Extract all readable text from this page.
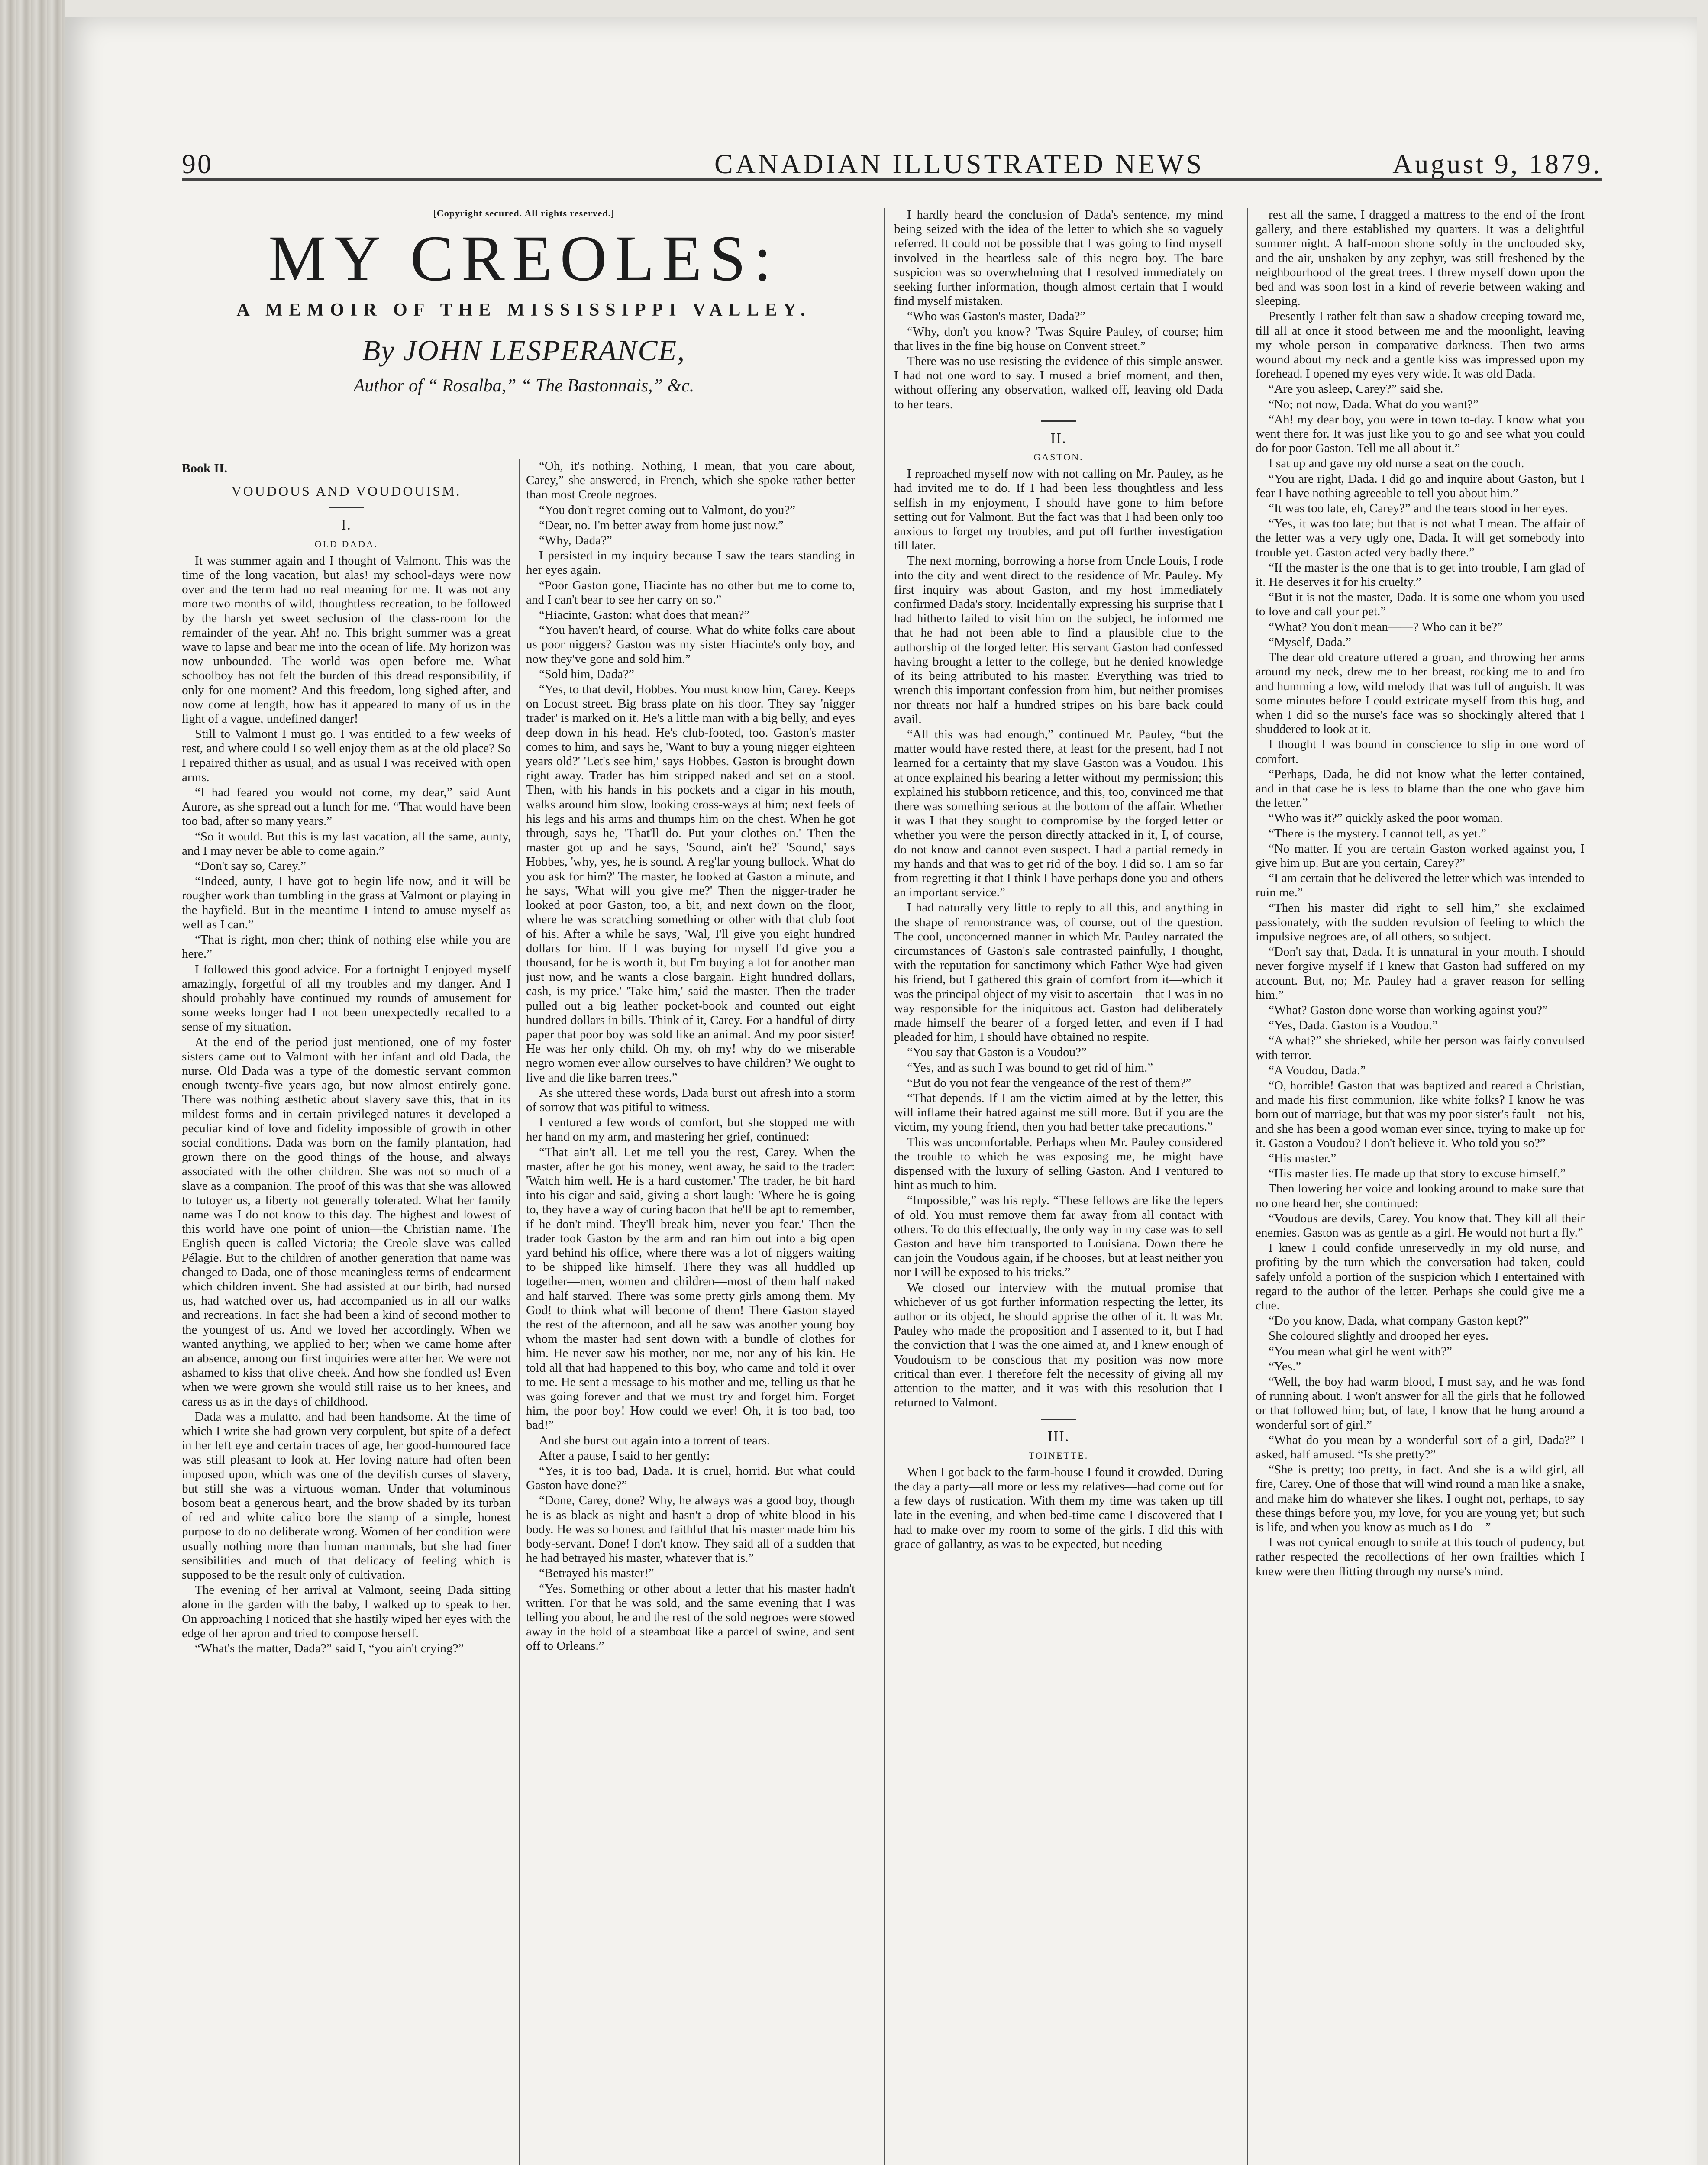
90	CANADIAN ILLUSTRATED NEWS	August 9, 1879.
[Copyright secured. All rights reserved.]
MY CREOLES:
A MEMOIR OF THE MISSISSIPPI VALLEY.
By JOHN LESPERANCE,
Author of “ Rosalba,” “ The Bastonnais,” &c.

Book II.

VOUDOUS AND VOUDOUISM.

I.

OLD DADA.

It was summer again and I thought of Valmont. This was the time of the long vacation, but alas! my school-days were now over and the term had no real meaning for me. It was not any more two months of wild, thoughtless recreation, to be followed by the harsh yet sweet seclusion of the class-room for the remainder of the year. Ah! no. This bright summer was a great wave to lapse and bear me into the ocean of life. My horizon was now unbounded. The world was open before me. What schoolboy has not felt the burden of this dread responsibility, if only for one moment? And this freedom, long sighed after, and now come at length, how has it appeared to many of us in the light of a vague, undefined danger!

Still to Valmont I must go. I was entitled to a few weeks of rest, and where could I so well enjoy them as at the old place? So I repaired thither as usual, and as usual I was received with open arms.

“I had feared you would not come, my dear,” said Aunt Aurore, as she spread out a lunch for me. “That would have been too bad, after so many years.”

“So it would. But this is my last vacation, all the same, aunty, and I may never be able to come again.”

“Don't say so, Carey.”

“Indeed, aunty, I have got to begin life now, and it will be rougher work than tumbling in the grass at Valmont or playing in the hayfield. But in the meantime I intend to amuse myself as well as I can.”

“That is right, mon cher; think of nothing else while you are here.”

I followed this good advice. For a fortnight I enjoyed myself amazingly, forgetful of all my troubles and my danger. And I should probably have continued my rounds of amusement for some weeks longer had I not been unexpectedly recalled to a sense of my situation.

At the end of the period just mentioned, one of my foster sisters came out to Valmont with her infant and old Dada, the nurse. Old Dada was a type of the domestic servant common enough twenty-five years ago, but now almost entirely gone. There was nothing æsthetic about slavery save this, that in its mildest forms and in certain privileged natures it developed a peculiar kind of love and fidelity impossible of growth in other social conditions. Dada was born on the family plantation, had grown there on the good things of the house, and always associated with the other children. She was not so much of a slave as a companion. The proof of this was that she was allowed to tutoyer us, a liberty not generally tolerated. What her family name was I do not know to this day. The highest and lowest of this world have one point of union—the Christian name. The English queen is called Victoria; the Creole slave was called Pélagie. But to the children of another generation that name was changed to Dada, one of those meaningless terms of endearment which children invent. She had assisted at our birth, had nursed us, had watched over us, had accompanied us in all our walks and recreations. In fact she had been a kind of second mother to the youngest of us. And we loved her accordingly. When we wanted anything, we applied to her; when we came home after an absence, among our first inquiries were after her. We were not ashamed to kiss that olive cheek. And how she fondled us! Even when we were grown she would still raise us to her knees, and caress us as in the days of childhood.

Dada was a mulatto, and had been handsome. At the time of which I write she had grown very corpulent, but spite of a defect in her left eye and certain traces of age, her good-humoured face was still pleasant to look at. Her loving nature had often been imposed upon, which was one of the devilish curses of slavery, but still she was a virtuous woman. Under that voluminous bosom beat a generous heart, and the brow shaded by its turban of red and white calico bore the stamp of a simple, honest purpose to do no deliberate wrong. Women of her condition were usually nothing more than human mammals, but she had finer sensibilities and much of that delicacy of feeling which is supposed to be the result only of cultivation.

The evening of her arrival at Valmont, seeing Dada sitting alone in the garden with the baby, I walked up to speak to her. On approaching I noticed that she hastily wiped her eyes with the edge of her apron and tried to compose herself.

“What's the matter, Dada?” said I, “you ain't crying?”

“Oh, it's nothing. Nothing, I mean, that you care about, Carey,” she answered, in French, which she spoke rather better than most Creole negroes.

“You don't regret coming out to Valmont, do you?”

“Dear, no. I'm better away from home just now.”

“Why, Dada?”

I persisted in my inquiry because I saw the tears standing in her eyes again.

“Poor Gaston gone, Hiacinte has no other but me to come to, and I can't bear to see her carry on so.”

“Hiacinte, Gaston: what does that mean?”

“You haven't heard, of course. What do white folks care about us poor niggers? Gaston was my sister Hiacinte's only boy, and now they've gone and sold him.”

“Sold him, Dada?”

“Yes, to that devil, Hobbes. You must know him, Carey. Keeps on Locust street. Big brass plate on his door. They say 'nigger trader' is marked on it. He's a little man with a big belly, and eyes deep down in his head. He's club-footed, too. Gaston's master comes to him, and says he, 'Want to buy a young nigger eighteen years old?' 'Let's see him,' says Hobbes. Gaston is brought down right away. Trader has him stripped naked and set on a stool. Then, with his hands in his pockets and a cigar in his mouth, walks around him slow, looking cross-ways at him; next feels of his legs and his arms and thumps him on the chest. When he got through, says he, 'That'll do. Put your clothes on.' Then the master got up and he says, 'Sound, ain't he?' 'Sound,' says Hobbes, 'why, yes, he is sound. A reg'lar young bullock. What do you ask for him?' The master, he looked at Gaston a minute, and he says, 'What will you give me?' Then the nigger-trader he looked at poor Gaston, too, a bit, and next down on the floor, where he was scratching something or other with that club foot of his. After a while he says, 'Wal, I'll give you eight hundred dollars for him. If I was buying for myself I'd give you a thousand, for he is worth it, but I'm buying a lot for another man just now, and he wants a close bargain. Eight hundred dollars, cash, is my price.' 'Take him,' said the master. Then the trader pulled out a big leather pocket-book and counted out eight hundred dollars in bills. Think of it, Carey. For a handful of dirty paper that poor boy was sold like an animal. And my poor sister! He was her only child. Oh my, oh my! why do we miserable negro women ever allow ourselves to have children? We ought to live and die like barren trees.”

As she uttered these words, Dada burst out afresh into a storm of sorrow that was pitiful to witness.

I ventured a few words of comfort, but she stopped me with her hand on my arm, and mastering her grief, continued:

“That ain't all. Let me tell you the rest, Carey. When the master, after he got his money, went away, he said to the trader: 'Watch him well. He is a hard customer.' The trader, he bit hard into his cigar and said, giving a short laugh: 'Where he is going to, they have a way of curing bacon that he'll be apt to remember, if he don't mind. They'll break him, never you fear.' Then the trader took Gaston by the arm and ran him out into a big open yard behind his office, where there was a lot of niggers waiting to be shipped like himself. There they was all huddled up together—men, women and children—most of them half naked and half starved. There was some pretty girls among them. My God! to think what will become of them! There Gaston stayed the rest of the afternoon, and all he saw was another young boy whom the master had sent down with a bundle of clothes for him. He never saw his mother, nor me, nor any of his kin. He told all that had happened to this boy, who came and told it over to me. He sent a message to his mother and me, telling us that he was going forever and that we must try and forget him. Forget him, the poor boy! How could we ever! Oh, it is too bad, too bad!”

And she burst out again into a torrent of tears.

After a pause, I said to her gently:

“Yes, it is too bad, Dada. It is cruel, horrid. But what could Gaston have done?”

“Done, Carey, done? Why, he always was a good boy, though he is as black as night and hasn't a drop of white blood in his body. He was so honest and faithful that his master made him his body-servant. Done! I don't know. They said all of a sudden that he had betrayed his master, whatever that is.”

“Betrayed his master!”

“Yes. Something or other about a letter that his master hadn't written. For that he was sold, and the same evening that I was telling you about, he and the rest of the sold negroes were stowed away in the hold of a steamboat like a parcel of swine, and sent off to Orleans.”

I hardly heard the conclusion of Dada's sentence, my mind being seized with the idea of the letter to which she so vaguely referred. It could not be possible that I was going to find myself involved in the heartless sale of this negro boy. The bare suspicion was so overwhelming that I resolved immediately on seeking further information, though almost certain that I would find myself mistaken.

“Who was Gaston's master, Dada?”

“Why, don't you know? 'Twas Squire Pauley, of course; him that lives in the fine big house on Convent street.”

There was no use resisting the evidence of this simple answer. I had not one word to say. I mused a brief moment, and then, without offering any observation, walked off, leaving old Dada to her tears.

II.

GASTON.

I reproached myself now with not calling on Mr. Pauley, as he had invited me to do. If I had been less thoughtless and less selfish in my enjoyment, I should have gone to him before setting out for Valmont. But the fact was that I had been only too anxious to forget my troubles, and put off further investigation till later.

The next morning, borrowing a horse from Uncle Louis, I rode into the city and went direct to the residence of Mr. Pauley. My first inquiry was about Gaston, and my host immediately confirmed Dada's story. Incidentally expressing his surprise that I had hitherto failed to visit him on the subject, he informed me that he had not been able to find a plausible clue to the authorship of the forged letter. His servant Gaston had confessed having brought a letter to the college, but he denied knowledge of its being attributed to his master. Everything was tried to wrench this important confession from him, but neither promises nor threats nor half a hundred stripes on his bare back could avail.

“All this was had enough,” continued Mr. Pauley, “but the matter would have rested there, at least for the present, had I not learned for a certainty that my slave Gaston was a Voudou. This at once explained his bearing a letter without my permission; this explained his stubborn reticence, and this, too, convinced me that there was something serious at the bottom of the affair. Whether it was I that they sought to compromise by the forged letter or whether you were the person directly attacked in it, I, of course, do not know and cannot even suspect. I had a partial remedy in my hands and that was to get rid of the boy. I did so. I am so far from regretting it that I think I have perhaps done you and others an important service.”

I had naturally very little to reply to all this, and anything in the shape of remonstrance was, of course, out of the question. The cool, unconcerned manner in which Mr. Pauley narrated the circumstances of Gaston's sale contrasted painfully, I thought, with the reputation for sanctimony which Father Wye had given his friend, but I gathered this grain of comfort from it—which it was the principal object of my visit to ascertain—that I was in no way responsible for the iniquitous act. Gaston had deliberately made himself the bearer of a forged letter, and even if I had pleaded for him, I should have obtained no respite.

“You say that Gaston is a Voudou?”

“Yes, and as such I was bound to get rid of him.”

“But do you not fear the vengeance of the rest of them?”

“That depends. If I am the victim aimed at by the letter, this will inflame their hatred against me still more. But if you are the victim, my young friend, then you had better take precautions.”

This was uncomfortable. Perhaps when Mr. Pauley considered the trouble to which he was exposing me, he might have dispensed with the luxury of selling Gaston. And I ventured to hint as much to him.

“Impossible,” was his reply. “These fellows are like the lepers of old. You must remove them far away from all contact with others. To do this effectually, the only way in my case was to sell Gaston and have him transported to Louisiana. Down there he can join the Voudous again, if he chooses, but at least neither you nor I will be exposed to his tricks.”

We closed our interview with the mutual promise that whichever of us got further information respecting the letter, its author or its object, he should apprise the other of it. It was Mr. Pauley who made the proposition and I assented to it, but I had the conviction that I was the one aimed at, and I knew enough of Voudouism to be conscious that my position was now more critical than ever. I therefore felt the necessity of giving all my attention to the matter, and it was with this resolution that I returned to Valmont.

III.

TOINETTE.

When I got back to the farm-house I found it crowded. During the day a party—all more or less my relatives—had come out for a few days of rustication. With them my time was taken up till late in the evening, and when bed-time came I discovered that I had to make over my room to some of the girls. I did this with grace of gallantry, as was to be expected, but needing

rest all the same, I dragged a mattress to the end of the front gallery, and there established my quarters. It was a delightful summer night. A half-moon shone softly in the unclouded sky, and the air, unshaken by any zephyr, was still freshened by the neighbourhood of the great trees. I threw myself down upon the bed and was soon lost in a kind of reverie between waking and sleeping.

Presently I rather felt than saw a shadow creeping toward me, till all at once it stood between me and the moonlight, leaving my whole person in comparative darkness. Then two arms wound about my neck and a gentle kiss was impressed upon my forehead. I opened my eyes very wide. It was old Dada.

“Are you asleep, Carey?” said she.

“No; not now, Dada. What do you want?”

“Ah! my dear boy, you were in town to-day. I know what you went there for. It was just like you to go and see what you could do for poor Gaston. Tell me all about it.”

I sat up and gave my old nurse a seat on the couch.

“You are right, Dada. I did go and inquire about Gaston, but I fear I have nothing agreeable to tell you about him.”

“It was too late, eh, Carey?” and the tears stood in her eyes.

“Yes, it was too late; but that is not what I mean. The affair of the letter was a very ugly one, Dada. It will get somebody into trouble yet. Gaston acted very badly there.”

“If the master is the one that is to get into trouble, I am glad of it. He deserves it for his cruelty.”

“But it is not the master, Dada. It is some one whom you used to love and call your pet.”

“What? You don't mean——? Who can it be?”

“Myself, Dada.”

The dear old creature uttered a groan, and throwing her arms around my neck, drew me to her breast, rocking me to and fro and humming a low, wild melody that was full of anguish. It was some minutes before I could extricate myself from this hug, and when I did so the nurse's face was so shockingly altered that I shuddered to look at it.

I thought I was bound in conscience to slip in one word of comfort.

“Perhaps, Dada, he did not know what the letter contained, and in that case he is less to blame than the one who gave him the letter.”

“Who was it?” quickly asked the poor woman.

“There is the mystery. I cannot tell, as yet.”

“No matter. If you are certain Gaston worked against you, I give him up. But are you certain, Carey?”

“I am certain that he delivered the letter which was intended to ruin me.”

“Then his master did right to sell him,” she exclaimed passionately, with the sudden revulsion of feeling to which the impulsive negroes are, of all others, so subject.

“Don't say that, Dada. It is unnatural in your mouth. I should never forgive myself if I knew that Gaston had suffered on my account. But, no; Mr. Pauley had a graver reason for selling him.”

“What? Gaston done worse than working against you?”

“Yes, Dada. Gaston is a Voudou.”

“A what?” she shrieked, while her person was fairly convulsed with terror.

“A Voudou, Dada.”

“O, horrible! Gaston that was baptized and reared a Christian, and made his first communion, like white folks? I know he was born out of marriage, but that was my poor sister's fault—not his, and she has been a good woman ever since, trying to make up for it. Gaston a Voudou? I don't believe it. Who told you so?”

“His master.”

“His master lies. He made up that story to excuse himself.”

Then lowering her voice and looking around to make sure that no one heard her, she continued:

“Voudous are devils, Carey. You know that. They kill all their enemies. Gaston was as gentle as a girl. He would not hurt a fly.”

I knew I could confide unreservedly in my old nurse, and profiting by the turn which the conversation had taken, could safely unfold a portion of the suspicion which I entertained with regard to the author of the letter. Perhaps she could give me a clue.

“Do you know, Dada, what company Gaston kept?”

She coloured slightly and drooped her eyes.

“You mean what girl he went with?”

“Yes.”

“Well, the boy had warm blood, I must say, and he was fond of running about. I won't answer for all the girls that he followed or that followed him; but, of late, I know that he hung around a wonderful sort of girl.”

“What do you mean by a wonderful sort of a girl, Dada?” I asked, half amused. “Is she pretty?”

“She is pretty; too pretty, in fact. And she is a wild girl, all fire, Carey. One of those that will wind round a man like a snake, and make him do whatever she likes. I ought not, perhaps, to say these things before you, my love, for you are young yet; but such is life, and when you know as much as I do—”

I was not cynical enough to smile at this touch of pudency, but rather respected the recollections of her own frailties which I knew were then flitting through my nurse's mind.
